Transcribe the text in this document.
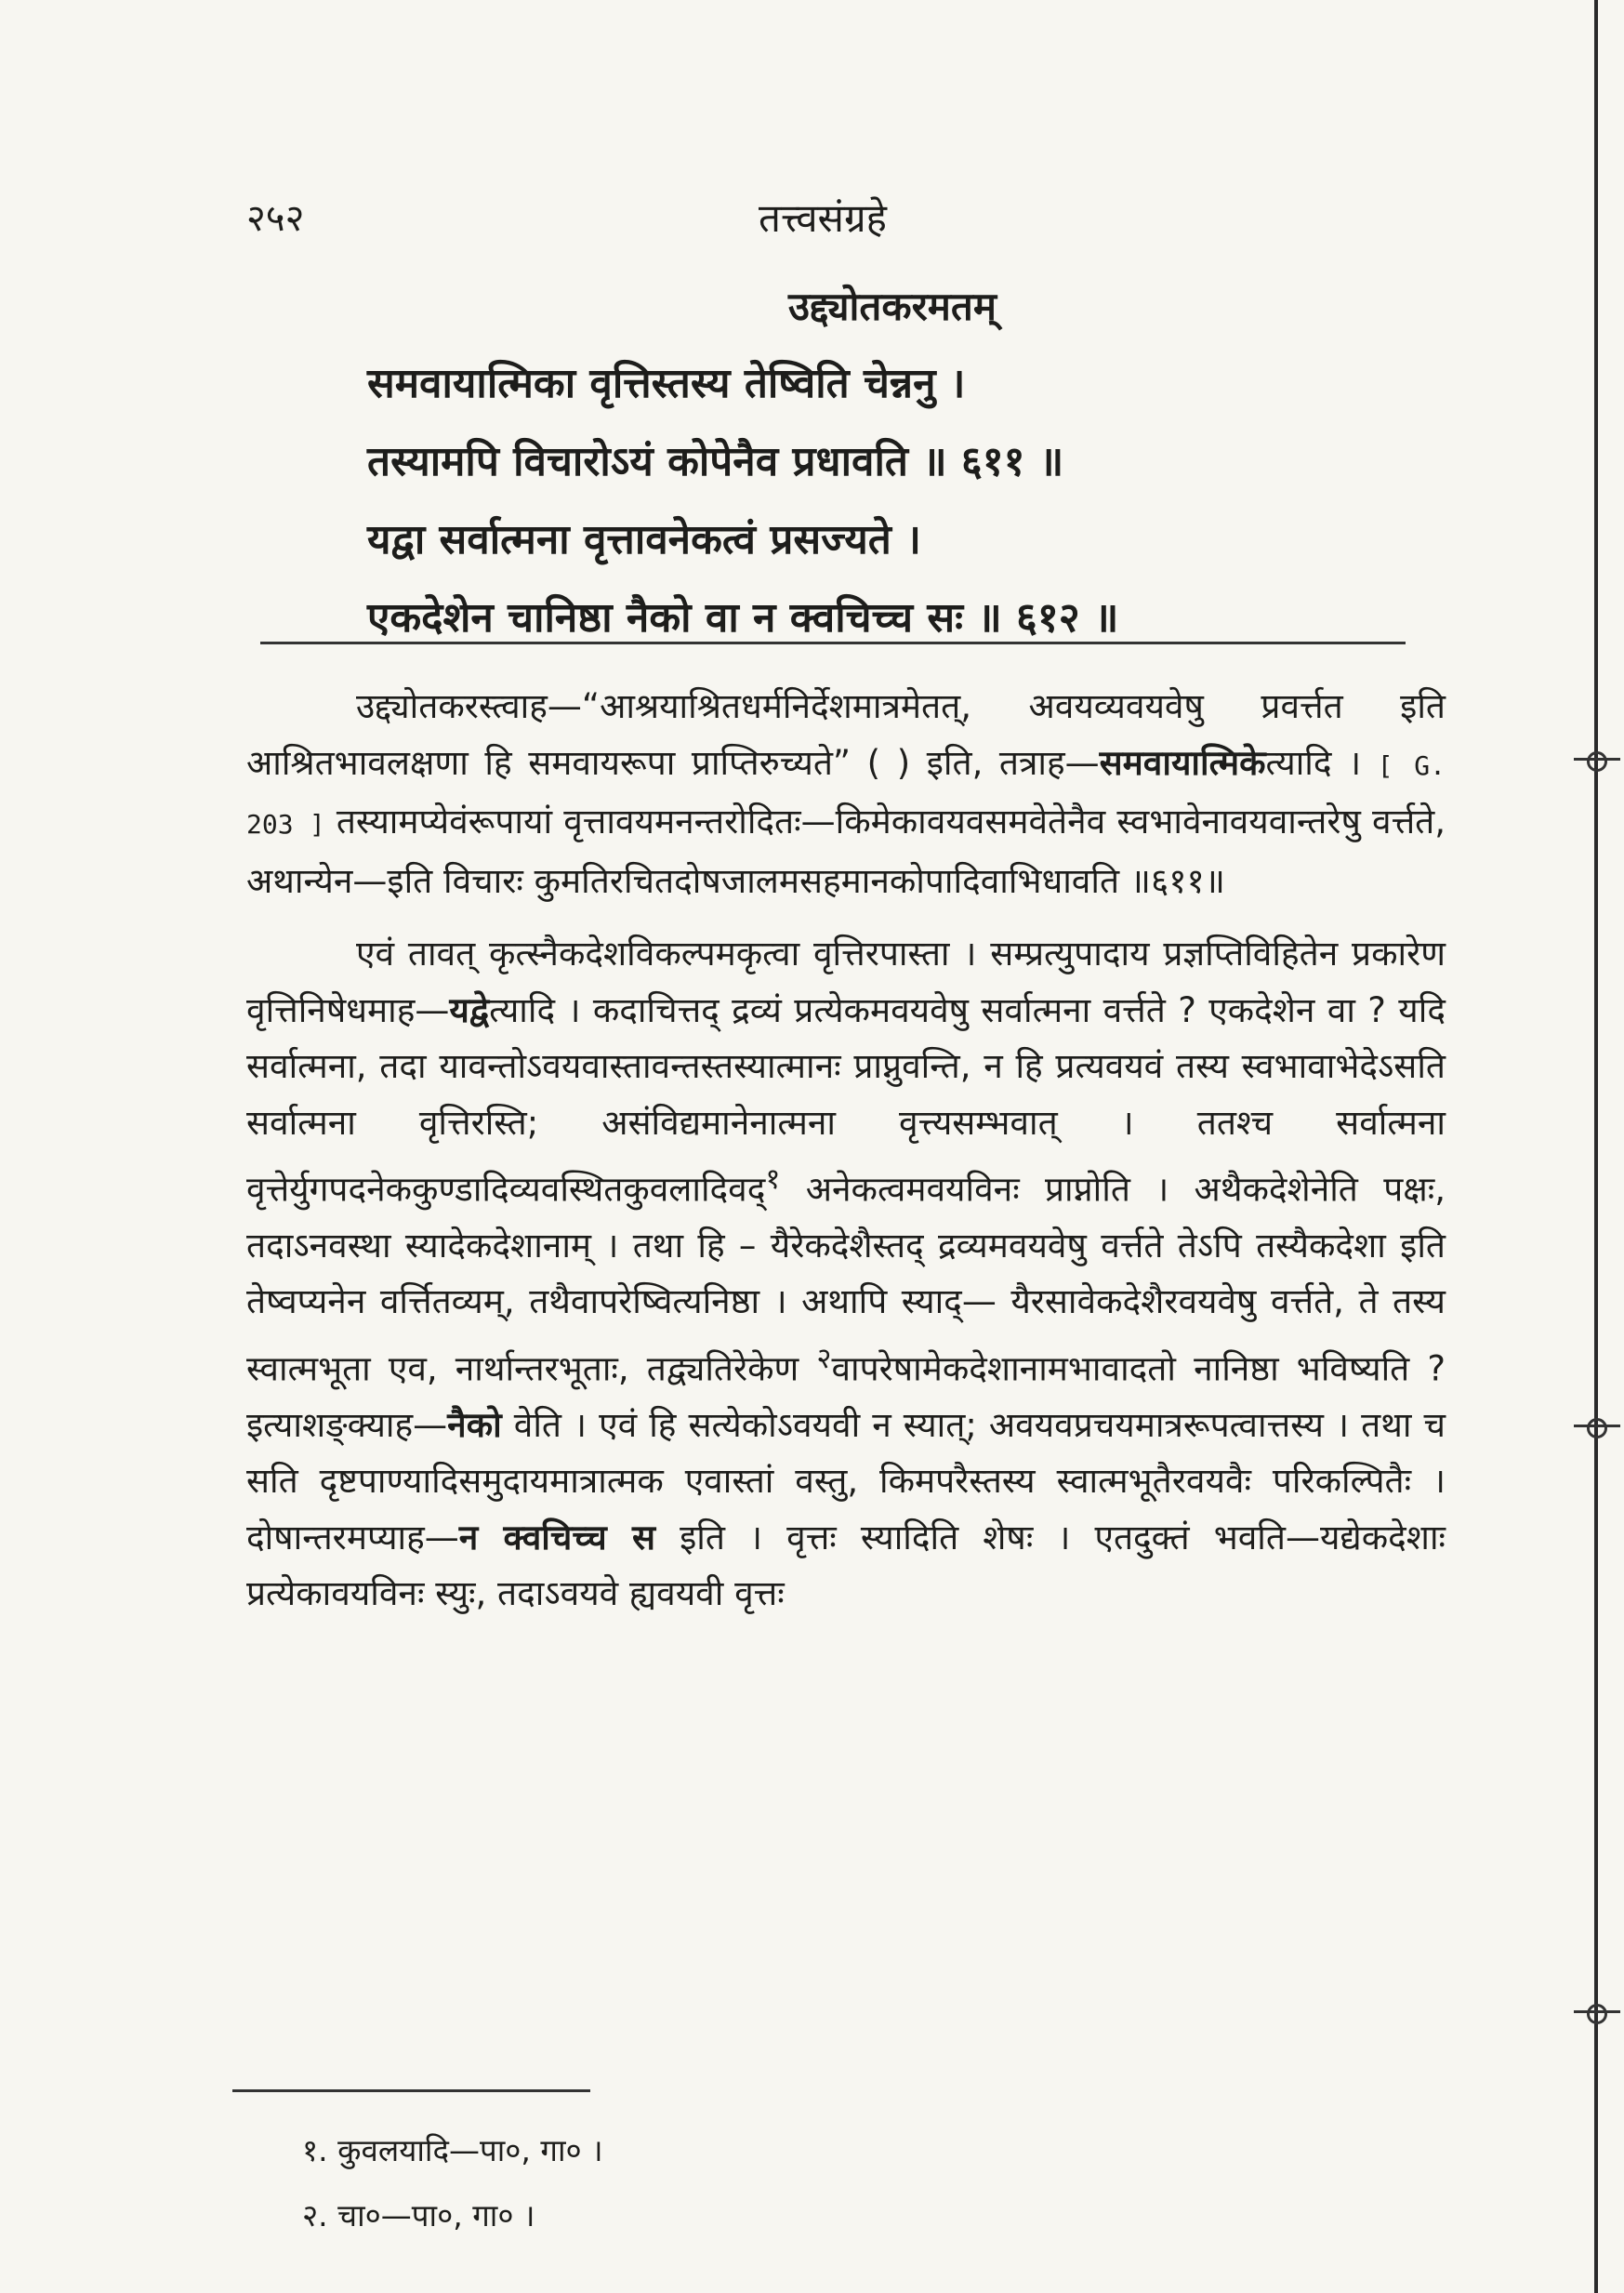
२५२	तत्त्वसंग्रहे
उद्द्योतकरमतम्
समवायात्मिका वृत्तिस्तस्य तेष्विति चेन्ननु ।
तस्यामपि विचारोऽयं कोपेनैव प्रधावति ॥ ६११ ॥
यद्वा सर्वात्मना वृत्तावनेकत्वं प्रसज्यते ।
एकदेशेन चानिष्ठा नैको वा न क्वचिच्च सः ॥ ६१२ ॥

उद्द्योतकरस्त्वाह—“आश्रयाश्रितधर्मनिर्देशमात्रमेतत्, अवयव्यवयवेषु प्रवर्त्तत इति आश्रितभावलक्षणा हि समवायरूपा प्राप्तिरुच्यते” ( ) इति, तत्राह—समवायात्मिकेत्यादि । [ G. 203 ] तस्यामप्येवंरूपायां वृत्तावयमनन्तरोदितः—किमेकावयवसमवेतेनैव स्वभावेनावयवान्तरेषु वर्त्तते, अथान्येन—इति विचारः कुमतिरचितदोषजालमसहमानकोपादिवाभिधावति ॥६११॥

एवं तावत् कृत्स्नैकदेशविकल्पमकृत्वा वृत्तिरपास्ता । सम्प्रत्युपादाय प्रज्ञप्तिविहितेन प्रकारेण वृत्तिनिषेधमाह—यद्वेत्यादि । कदाचित्तद् द्रव्यं प्रत्येकमवयवेषु सर्वात्मना वर्त्तते ? एकदेशेन वा ? यदि सर्वात्मना, तदा यावन्तोऽवयवास्तावन्तस्तस्यात्मानः प्राप्नुवन्ति, न हि प्रत्यवयवं तस्य स्वभावाभेदेऽसति सर्वात्मना वृत्तिरस्ति; असंविद्यमानेनात्मना वृत्त्यसम्भवात् । ततश्च सर्वात्मना वृत्तेर्युगपदनेककुण्डादिव्यवस्थितकुवलादिवद्$^१$ अनेकत्वमवयविनः प्राप्नोति । अथैकदेशेनेति पक्षः, तदाऽनवस्था स्यादेकदेशानाम् । तथा हि – यैरेकदेशैस्तद् द्रव्यमवयवेषु वर्त्तते तेऽपि तस्यैकदेशा इति तेष्वप्यनेन वर्त्तितव्यम्, तथैवापरेष्वित्यनिष्ठा । अथापि स्याद्— यैरसावेकदेशैरवयवेषु वर्त्तते, ते तस्य स्वात्मभूता एव, नार्थान्तरभूताः, तद्व्यतिरेकेण $^२$वापरेषामेकदेशानामभावादतो नानिष्ठा भविष्यति ? इत्याशङ्क्याह—नैको वेति । एवं हि सत्येकोऽवयवी न स्यात्; अवयवप्रचयमात्ररूपत्वात्तस्य । तथा च सति दृष्टपाण्यादिसमुदायमात्रात्मक एवास्तां वस्तु, किमपरैस्तस्य स्वात्मभूतैरवयवैः परिकल्पितैः । दोषान्तरमप्याह—न क्वचिच्च स इति । वृत्तः स्यादिति शेषः । एतदुक्तं भवति—यद्येकदेशाः प्रत्येकावयविनः स्युः, तदाऽवयवे ह्यवयवी वृत्तः

१. कुवलयादि—पा०, गा० ।
२. चा०—पा०, गा० ।
